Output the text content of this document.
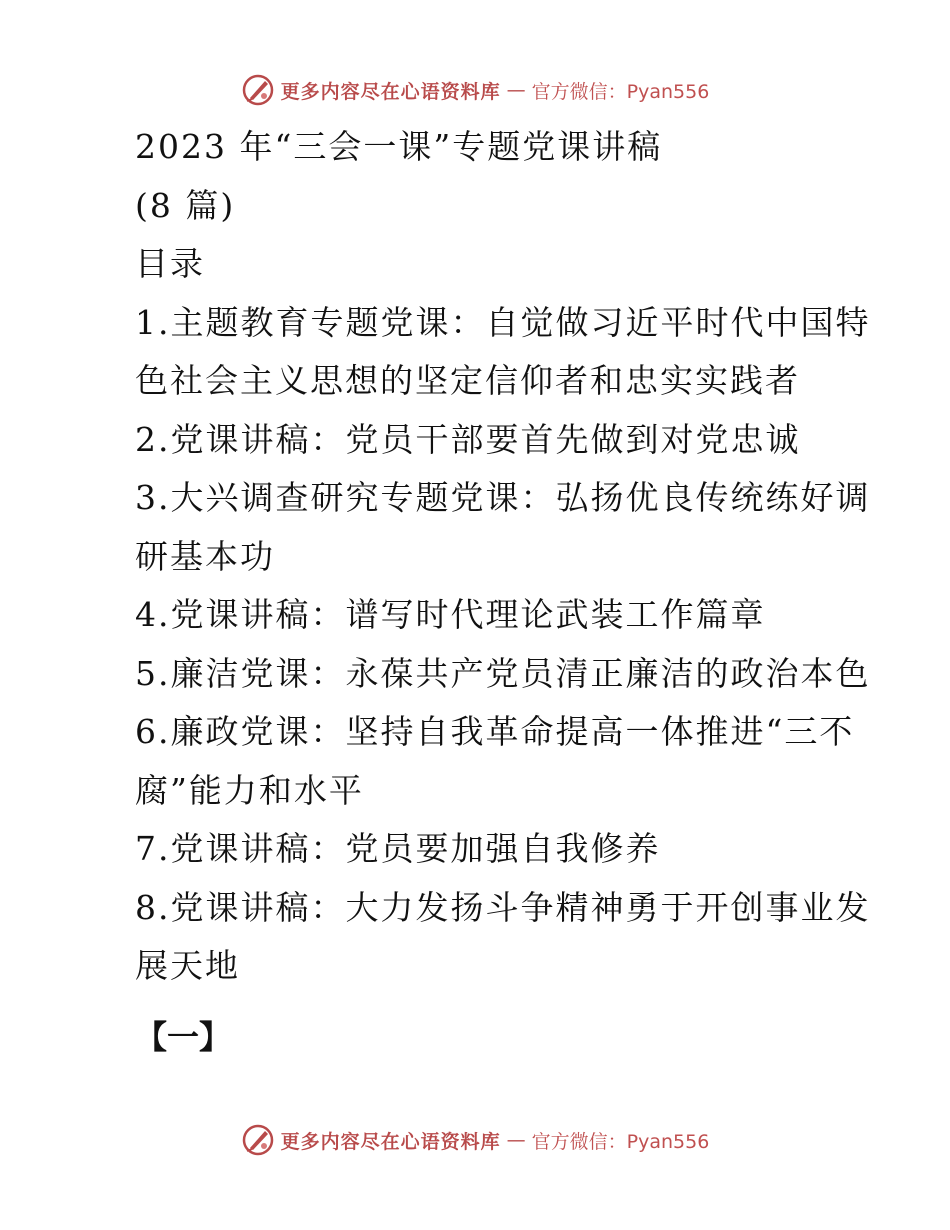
更多内容尽在心语资料库 — 官方微信：Pyan556
2023 年“三会一课”专题党课讲稿
(8 篇)
目录
1.主题教育专题党课：自觉做习近平时代中国特
色社会主义思想的坚定信仰者和忠实实践者
2.党课讲稿：党员干部要首先做到对党忠诚
3.大兴调查研究专题党课：弘扬优良传统练好调
研基本功
4.党课讲稿：谱写时代理论武装工作篇章
5.廉洁党课：永葆共产党员清正廉洁的政治本色
6.廉政党课：坚持自我革命提高一体推进“三不
腐”能力和水平
7.党课讲稿：党员要加强自我修养
8.党课讲稿：大力发扬斗争精神勇于开创事业发
展天地
【一】
更多内容尽在心语资料库 — 官方微信：Pyan556
